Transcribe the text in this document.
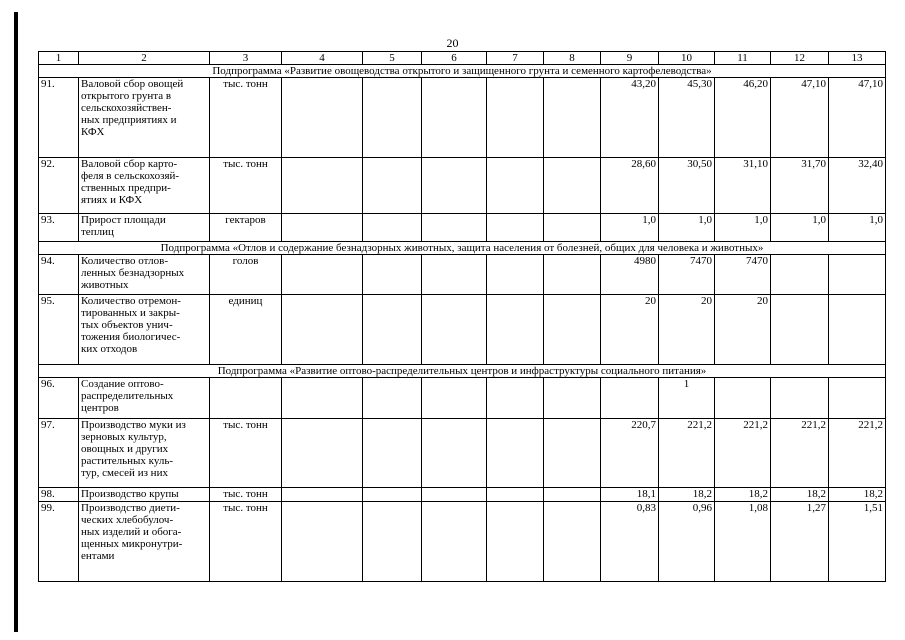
20
1	2	3	4	5	6	7	8	9	10	11	12	13
Подпрограмма «Развитие овощеводства открытого и защищенного грунта и семенного картофелеводства»												
91.	Валовой сбор овощей
открытого грунта в
сельскохозяйствен-
ных предприятиях и
КФХ	тыс. тонн						43,20	45,30	46,20	47,10	47,10
92.	Валовой сбор карто-
феля в сельскохозяй-
ственных предпри-
ятиях и КФХ	тыс. тонн						28,60	30,50	31,10	31,70	32,40
93.	Прирост площади
теплиц	гектаров						1,0	1,0	1,0	1,0	1,0
Подпрограмма «Отлов и содержание безнадзорных животных, защита населения от болезней, общих для человека и животных»												
94.	Количество отлов-
ленных безнадзорных
животных	голов						4980	7470	7470		
95.	Количество отремон-
тированных и закры-
тых объектов унич-
тожения биологичес-
ких отходов	единиц						20	20	20		
Подпрограмма «Развитие оптово-распределительных центров и инфраструктуры социального питания»												
96.	Создание оптово-
распределительных
центров								1			
97.	Производство муки из
зерновых культур,
овощных и других
растительных куль-
тур, смесей из них	тыс. тонн						220,7	221,2	221,2	221,2	221,2
98.	Производство крупы	тыс. тонн						18,1	18,2	18,2	18,2	18,2
99.	Производство диети-
ческих хлебобулоч-
ных изделий и обога-
щенных микронутри-
ентами	тыс. тонн						0,83	0,96	1,08	1,27	1,51
